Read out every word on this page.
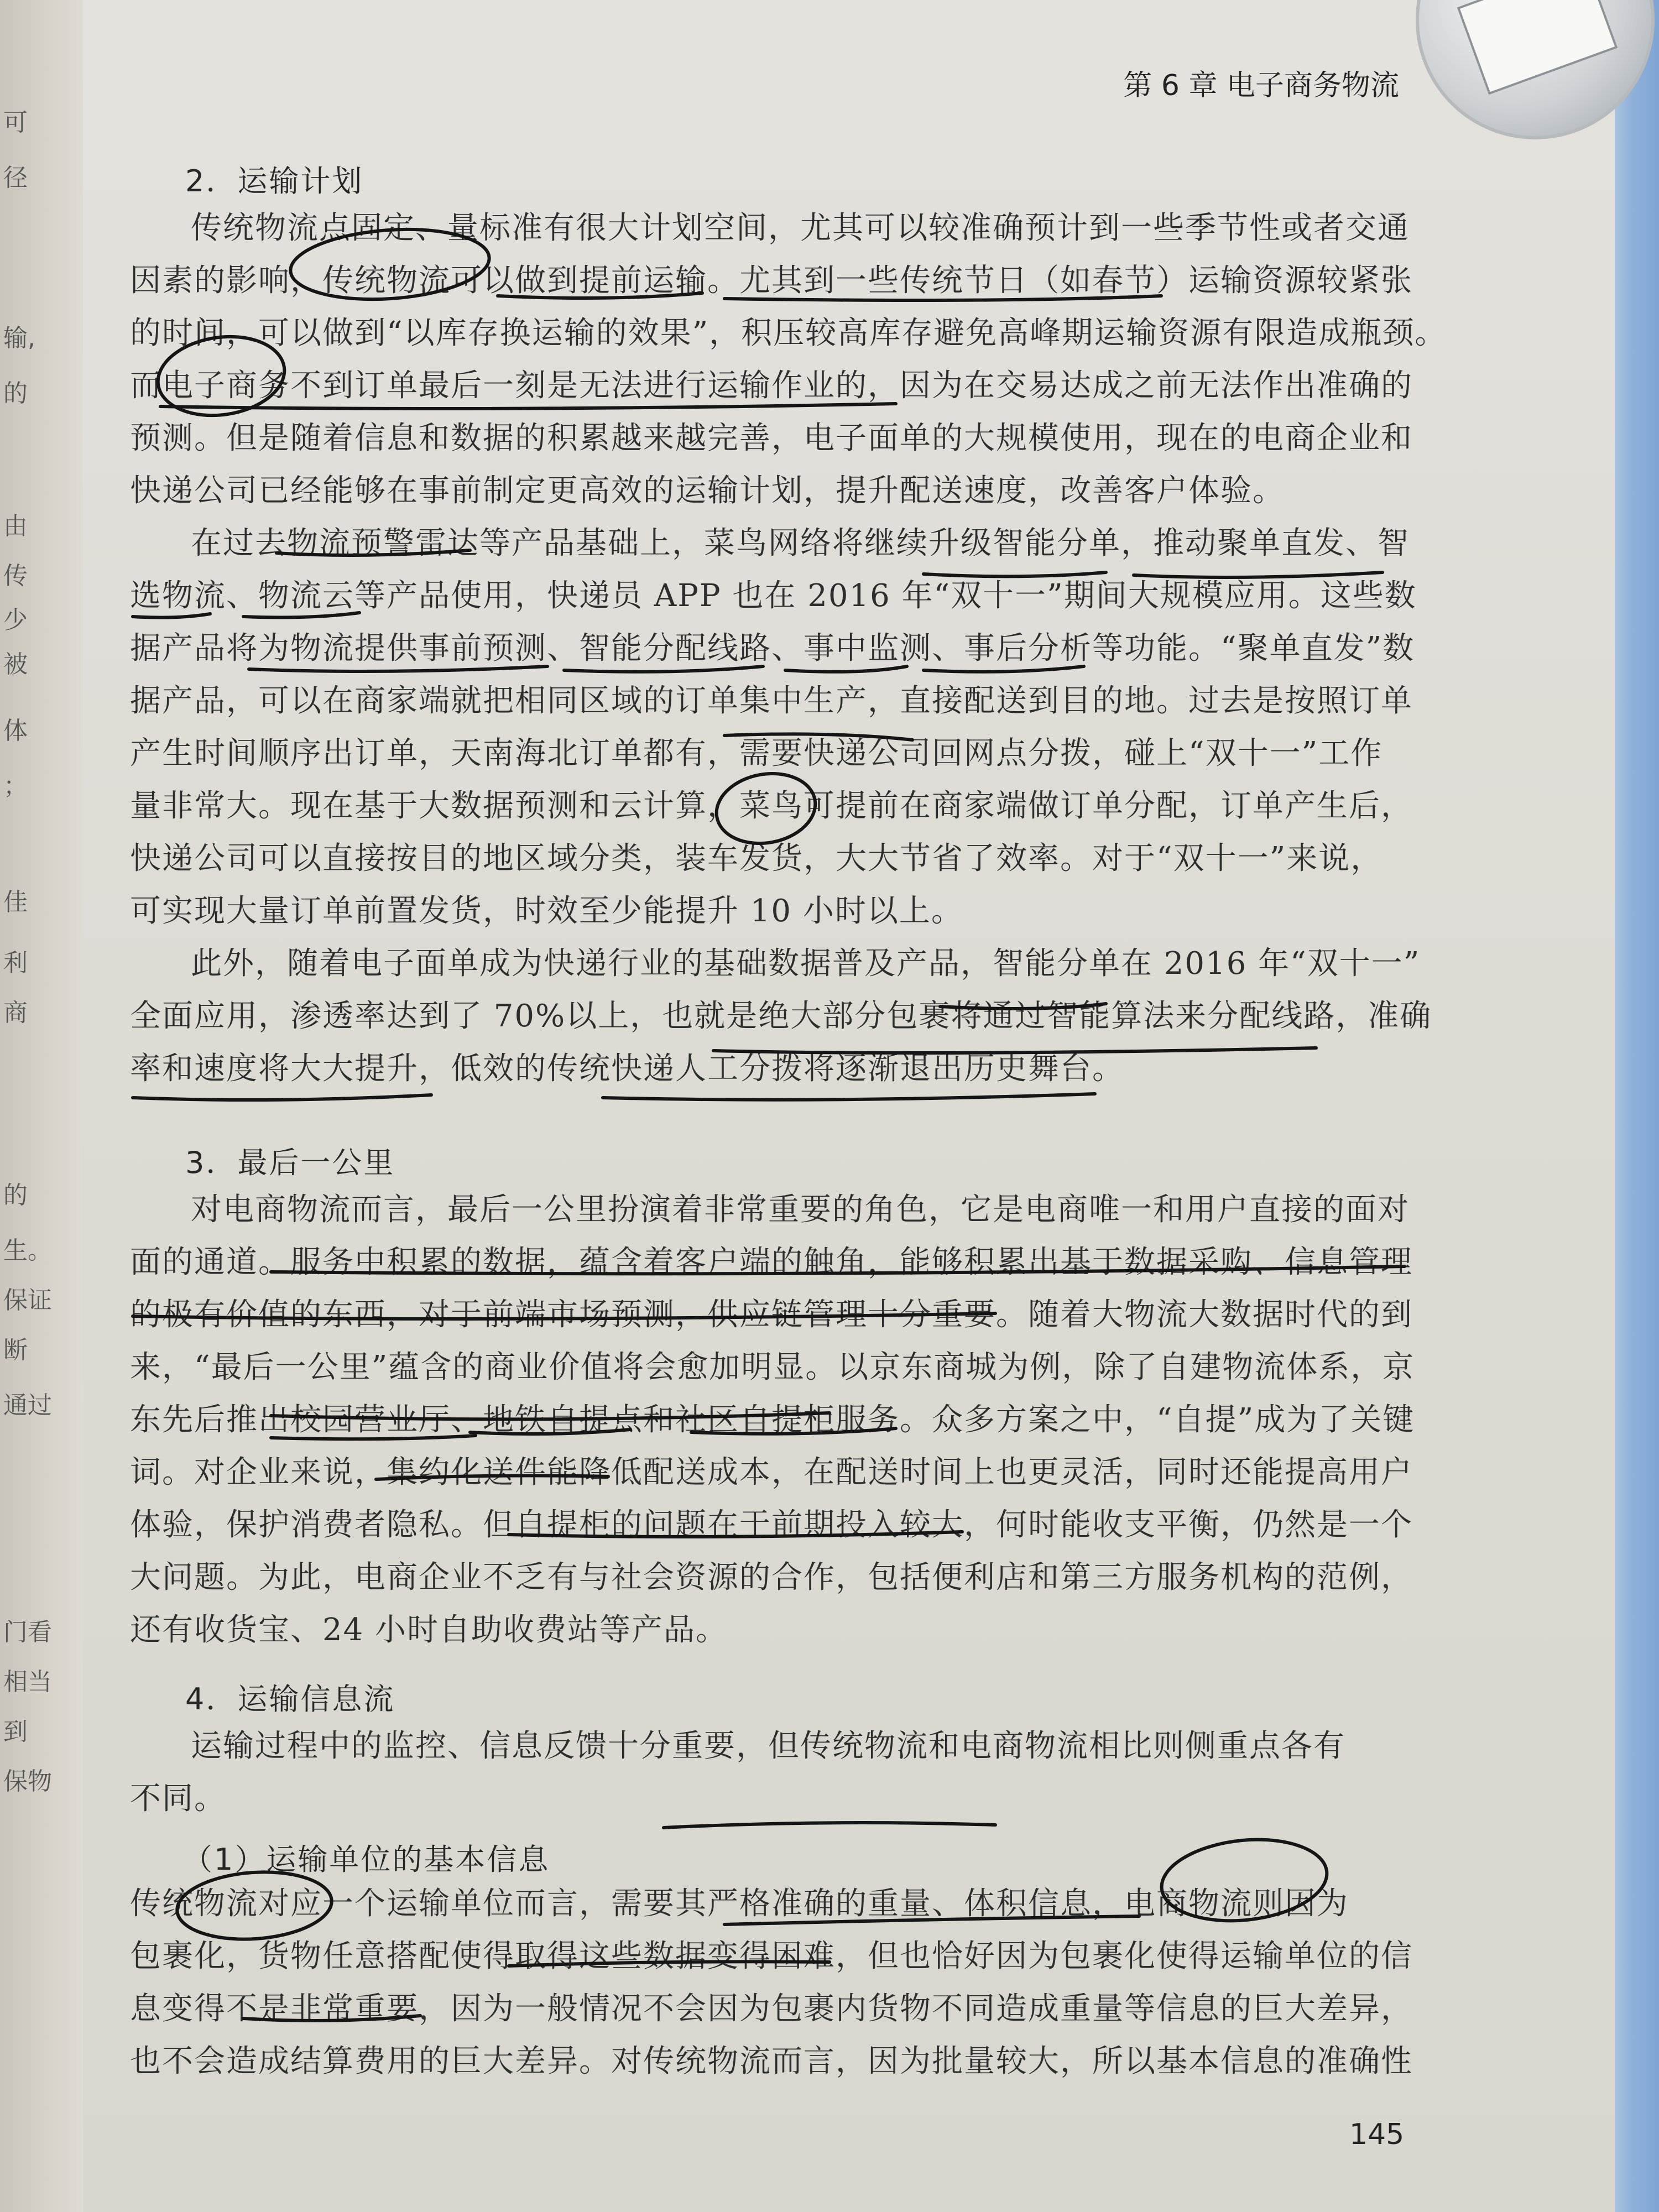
可
径
输,
的
由
传
少
被
体
；
佳
利
商
的
生。
保证
断
通过
门看
相当
到
保物
第 6 章 电子商务物流
2．运输计划
传统物流点固定、量标准有很大计划空间，尤其可以较准确预计到一些季节性或者交通
因素的影响，传统物流可以做到提前运输。尤其到一些传统节日（如春节）运输资源较紧张
的时间，可以做到“以库存换运输的效果”，积压较高库存避免高峰期运输资源有限造成瓶颈。
而电子商务不到订单最后一刻是无法进行运输作业的，因为在交易达成之前无法作出准确的
预测。但是随着信息和数据的积累越来越完善，电子面单的大规模使用，现在的电商企业和
快递公司已经能够在事前制定更高效的运输计划，提升配送速度，改善客户体验。
在过去物流预警雷达等产品基础上，菜鸟网络将继续升级智能分单，推动聚单直发、智
选物流、物流云等产品使用，快递员 APP 也在 2016 年“双十一”期间大规模应用。这些数
据产品将为物流提供事前预测、智能分配线路、事中监测、事后分析等功能。“聚单直发”数
据产品，可以在商家端就把相同区域的订单集中生产，直接配送到目的地。过去是按照订单
产生时间顺序出订单，天南海北订单都有，需要快递公司回网点分拨，碰上“双十一”工作
量非常大。现在基于大数据预测和云计算，菜鸟可提前在商家端做订单分配，订单产生后，
快递公司可以直接按目的地区域分类，装车发货，大大节省了效率。对于“双十一”来说，
可实现大量订单前置发货，时效至少能提升 10 小时以上。
此外，随着电子面单成为快递行业的基础数据普及产品，智能分单在 2016 年“双十一”
全面应用，渗透率达到了 70%以上，也就是绝大部分包裹将通过智能算法来分配线路，准确
率和速度将大大提升，低效的传统快递人工分拨将逐渐退出历史舞台。
3．最后一公里
对电商物流而言，最后一公里扮演着非常重要的角色，它是电商唯一和用户直接的面对
面的通道。服务中积累的数据，蕴含着客户端的触角，能够积累出基于数据采购、信息管理
的极有价值的东西，对于前端市场预测，供应链管理十分重要。随着大物流大数据时代的到
来，“最后一公里”蕴含的商业价值将会愈加明显。以京东商城为例，除了自建物流体系，京
东先后推出校园营业厅、地铁自提点和社区自提柜服务。众多方案之中，“自提”成为了关键
词。对企业来说，集约化送件能降低配送成本，在配送时间上也更灵活，同时还能提高用户
体验，保护消费者隐私。但自提柜的问题在于前期投入较大，何时能收支平衡，仍然是一个
大问题。为此，电商企业不乏有与社会资源的合作，包括便利店和第三方服务机构的范例，
还有收货宝、24 小时自助收费站等产品。
4．运输信息流
运输过程中的监控、信息反馈十分重要，但传统物流和电商物流相比则侧重点各有
不同。
（1）运输单位的基本信息
传统物流对应一个运输单位而言，需要其严格准确的重量、体积信息，电商物流则因为
包裹化，货物任意搭配使得取得这些数据变得困难，但也恰好因为包裹化使得运输单位的信
息变得不是非常重要，因为一般情况不会因为包裹内货物不同造成重量等信息的巨大差异，
也不会造成结算费用的巨大差异。对传统物流而言，因为批量较大，所以基本信息的准确性
145
